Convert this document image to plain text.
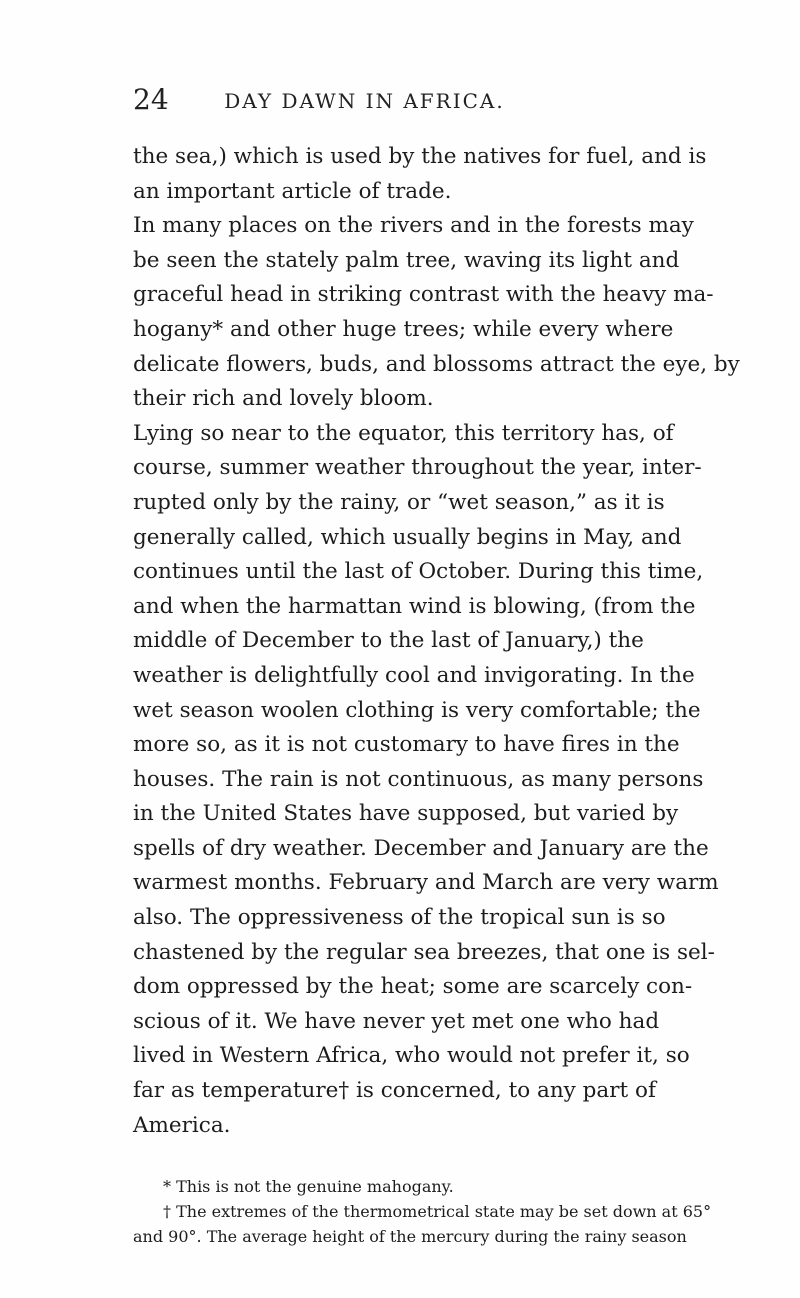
24	DAY DAWN IN AFRICA.
the sea,) which is used by the natives for fuel, and is
an important article of trade.
In many places on the rivers and in the forests may
be seen the stately palm tree, waving its light and
graceful head in striking contrast with the heavy ma-
hogany* and other huge trees; while every where
delicate flowers, buds, and blossoms attract the eye, by
their rich and lovely bloom.
Lying so near to the equator, this territory has, of
course, summer weather throughout the year, inter-
rupted only by the rainy, or “wet season,” as it is
generally called, which usually begins in May, and
continues until the last of October. During this time,
and when the harmattan wind is blowing, (from the
middle of December to the last of January,) the
weather is delightfully cool and invigorating. In the
wet season woolen clothing is very comfortable; the
more so, as it is not customary to have fires in the
houses. The rain is not continuous, as many persons
in the United States have supposed, but varied by
spells of dry weather. December and January are the
warmest months. February and March are very warm
also. The oppressiveness of the tropical sun is so
chastened by the regular sea breezes, that one is sel-
dom oppressed by the heat; some are scarcely con-
scious of it. We have never yet met one who had
lived in Western Africa, who would not prefer it, so
far as temperature† is concerned, to any part of
America.
* This is not the genuine mahogany.
† The extremes of the thermometrical state may be set down at 65°
and 90°. The average height of the mercury during the rainy season
